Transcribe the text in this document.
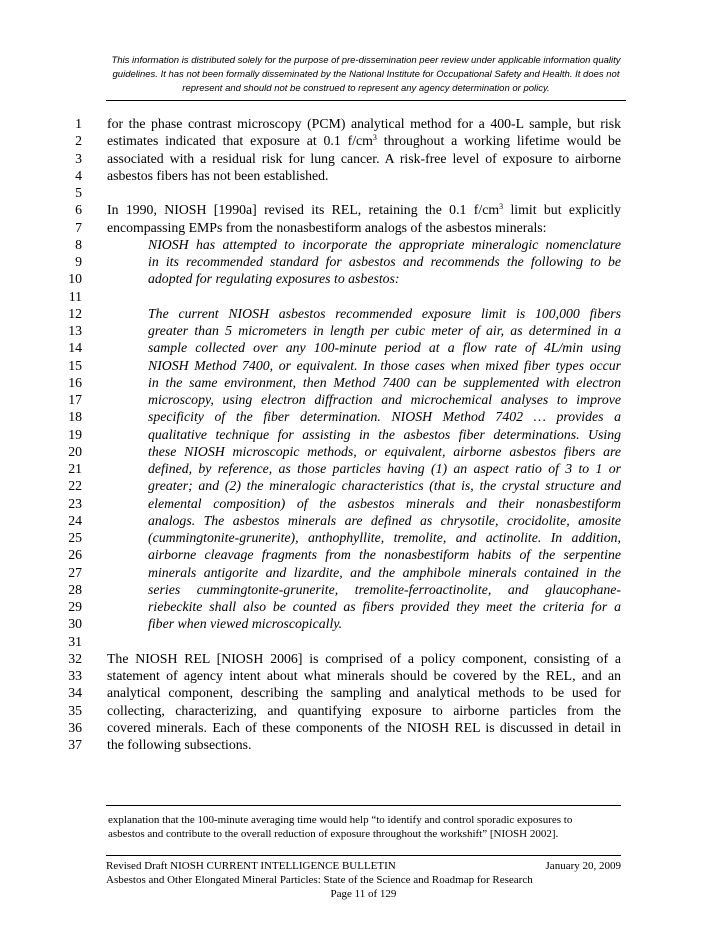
This information is distributed solely for the purpose of pre-dissemination peer review under applicable information quality
guidelines. It has not been formally disseminated by the National Institute for Occupational Safety and Health. It does not
represent and should not be construed to represent any agency determination or policy.
1 for the phase contrast microscopy (PCM) analytical method for a 400-L sample, but risk
2 estimates indicated that exposure at 0.1 $f/cm^3$ throughout a working lifetime would be
3 associated with a residual risk for lung cancer. A risk-free level of exposure to airborne
4 asbestos fibers has not been established.
5
6 In 1990, NIOSH [1990a] revised its REL, retaining the 0.1 $f/cm^3$ limit but explicitly
7 encompassing EMPs from the nonasbestiform analogs of the asbestos minerals:
8	NIOSH has attempted to incorporate the appropriate mineralogic nomenclature
9	in its recommended standard for asbestos and recommends the following to be
10	adopted for regulating exposures to asbestos:
11
12	The current NIOSH asbestos recommended exposure limit is 100,000 fibers
13	greater than 5 micrometers in length per cubic meter of air, as determined in a
14	sample collected over any 100-minute period at a flow rate of 4L/min using
15	NIOSH Method 7400, or equivalent. In those cases when mixed fiber types occur
16	in the same environment, then Method 7400 can be supplemented with electron
17	microscopy, using electron diffraction and microchemical analyses to improve
18	specificity of the fiber determination. NIOSH Method 7402 … provides a
19	qualitative technique for assisting in the asbestos fiber determinations. Using
20	these NIOSH microscopic methods, or equivalent, airborne asbestos fibers are
21	defined, by reference, as those particles having (1) an aspect ratio of 3 to 1 or
22	greater; and (2) the mineralogic characteristics (that is, the crystal structure and
23	elemental composition) of the asbestos minerals and their nonasbestiform
24	analogs. The asbestos minerals are defined as chrysotile, crocidolite, amosite
25	(cummingtonite-grunerite), anthophyllite, tremolite, and actinolite. In addition,
26	airborne cleavage fragments from the nonasbestiform habits of the serpentine
27	minerals antigorite and lizardite, and the amphibole minerals contained in the
28	series cummingtonite-grunerite, tremolite-ferroactinolite, and glaucophane-
29	riebeckite shall also be counted as fibers provided they meet the criteria for a
30	fiber when viewed microscopically.
31
32 The NIOSH REL [NIOSH 2006] is comprised of a policy component, consisting of a
33 statement of agency intent about what minerals should be covered by the REL, and an
34 analytical component, describing the sampling and analytical methods to be used for
35 collecting, characterizing, and quantifying exposure to airborne particles from the
36 covered minerals. Each of these components of the NIOSH REL is discussed in detail in
37 the following subsections.
explanation that the 100-minute averaging time would help “to identify and control sporadic exposures to
asbestos and contribute to the overall reduction of exposure throughout the workshift” [NIOSH 2002].
Revised Draft NIOSH CURRENT INTELLIGENCE BULLETIN	January 20, 2009
Asbestos and Other Elongated Mineral Particles: State of the Science and Roadmap for Research
Page 11 of 129
